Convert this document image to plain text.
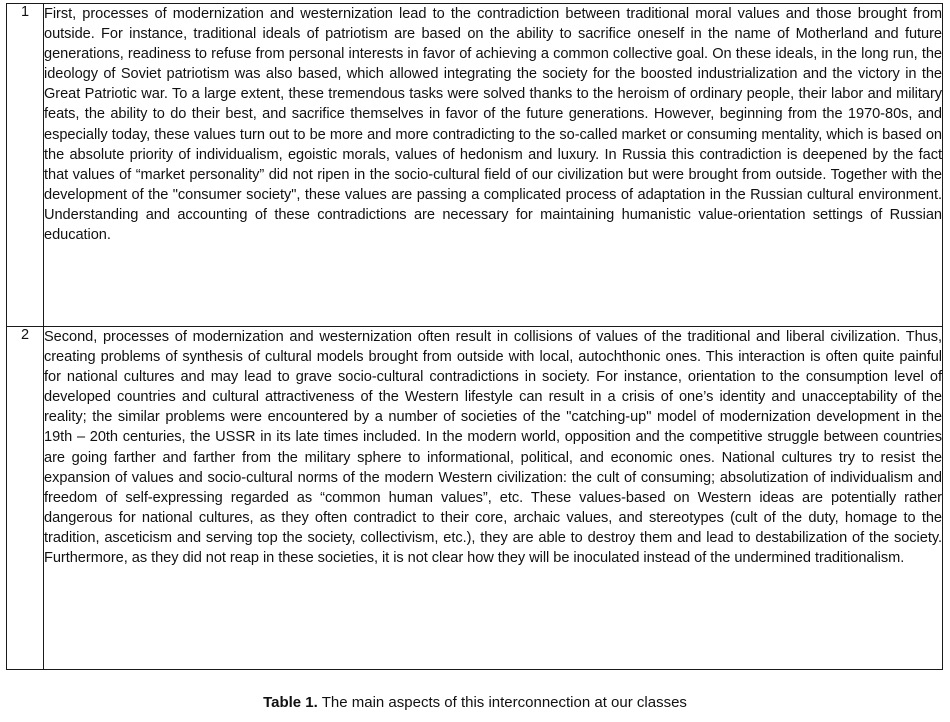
1	First, processes of modernization and westernization lead to the contradiction between traditional moral values and those brought from outside. For instance, traditional ideals of patriotism are based on the ability to sacrifice oneself in the name of Motherland and future generations, readiness to refuse from personal interests in favor of achieving a common collective goal. On these ideals, in the long run, the ideology of Soviet patriotism was also based, which allowed integrating the society for the boosted industrialization and the victory in the Great Patriotic war. To a large extent, these tremendous tasks were solved thanks to the heroism of ordinary people, their labor and military feats, the ability to do their best, and sacrifice themselves in favor of the future generations. However, beginning from the 1970-80s, and especially today, these values turn out to be more and more contradicting to the so-called market or consuming mentality, which is based on the absolute priority of individualism, egoistic morals, values of hedonism and luxury. In Russia this contradiction is deepened by the fact that values of “market personality” did not ripen in the socio-cultural field of our civilization but were brought from outside. Together with the development of the "consumer society", these values are passing a complicated process of adaptation in the Russian cultural environment. Understanding and accounting of these contradictions are necessary for maintaining humanistic value-orientation settings of Russian education.

2	Second, processes of modernization and westernization often result in collisions of values of the traditional and liberal civilization. Thus, creating problems of synthesis of cultural models brought from outside with local, autochthonic ones. This interaction is often quite painful for national cultures and may lead to grave socio-cultural contradictions in society. For instance, orientation to the consumption level of developed countries and cultural attractiveness of the Western lifestyle can result in a crisis of one’s identity and unacceptability of the reality; the similar problems were encountered by a number of societies of the "catching-up" model of modernization development in the 19th – 20th centuries, the USSR in its late times included. In the modern world, opposition and the competitive struggle between countries are going farther and farther from the military sphere to informational, political, and economic ones. National cultures try to resist the expansion of values and socio-cultural norms of the modern Western civilization: the cult of consuming; absolutization of individualism and freedom of self-expressing regarded as “common human values”, etc. These values-based on Western ideas are potentially rather dangerous for national cultures, as they often contradict to their core, archaic values, and stereotypes (cult of the duty, homage to the tradition, asceticism and serving top the society, collectivism, etc.), they are able to destroy them and lead to destabilization of the society. Furthermore, as they did not reap in these societies, it is not clear how they will be inoculated instead of the undermined traditionalism.

Table 1. The main aspects of this interconnection at our classes
